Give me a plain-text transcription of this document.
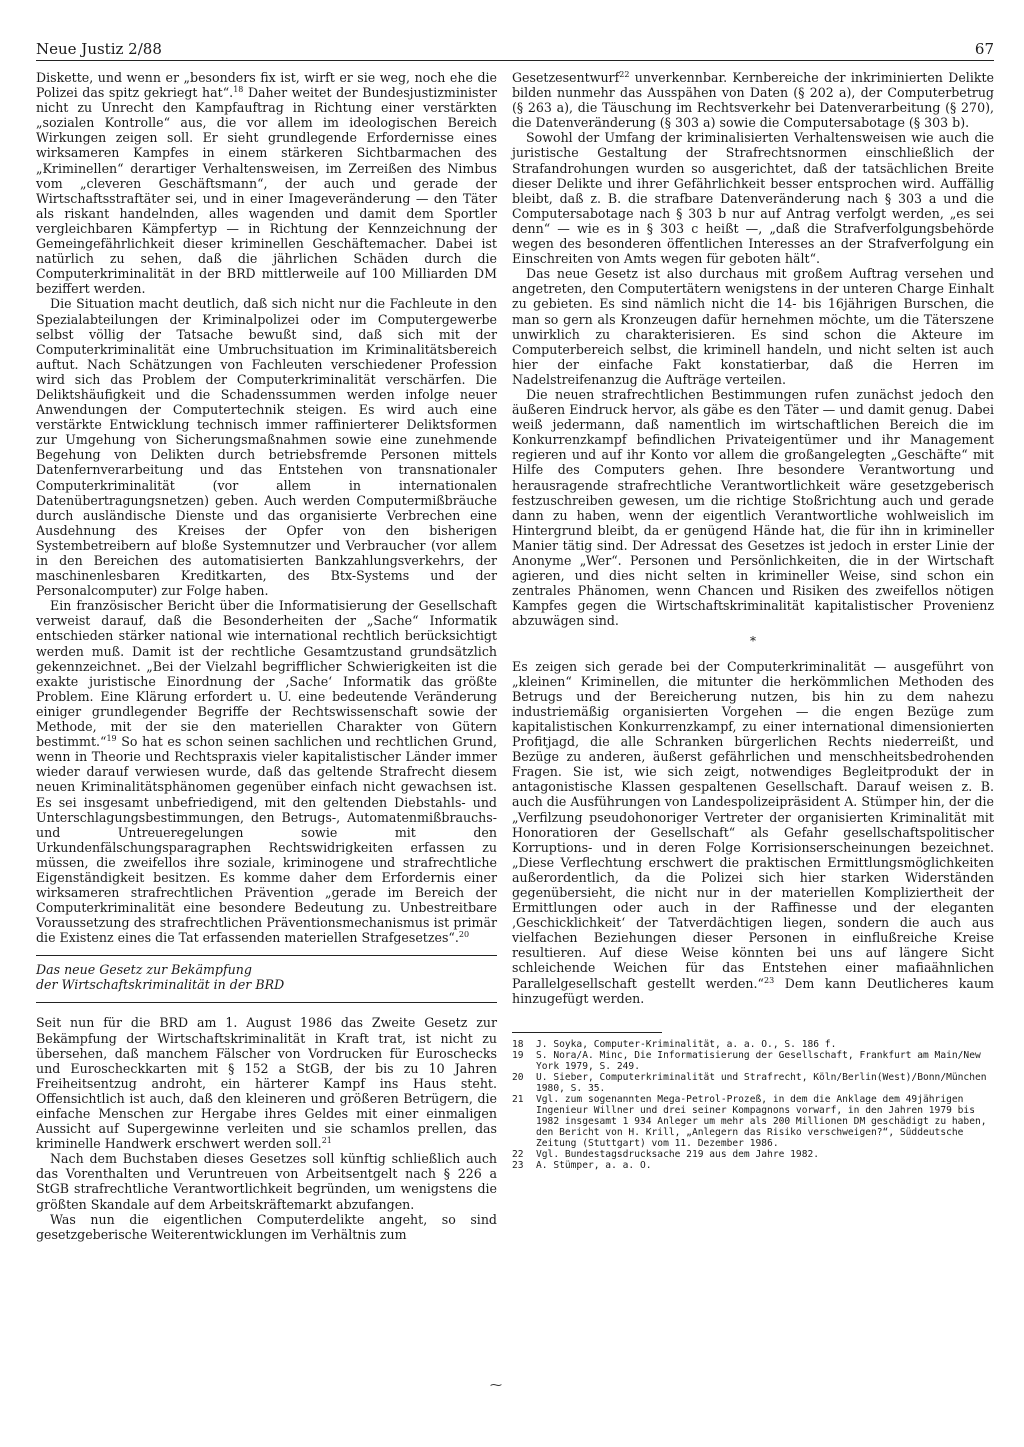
Neue Justiz 2/88	67

Diskette, und wenn er „besonders fix ist, wirft er sie weg, noch ehe die Polizei das spitz gekriegt hat“.$^{18}$ Daher weitet der Bundesjustizminister nicht zu Unrecht den Kampfauftrag in Richtung einer verstärkten „sozialen Kontrolle“ aus, die vor allem im ideologischen Bereich Wirkungen zeigen soll. Er sieht grundlegende Erfordernisse eines wirksameren Kampfes in einem stärkeren Sichtbarmachen des „Kriminellen“ derartiger Verhaltensweisen, im Zerreißen des Nimbus vom „cleveren Geschäftsmann“, der auch und gerade der Wirtschaftsstraftäter sei, und in einer Imageveränderung — den Täter als riskant handelnden, alles wagenden und damit dem Sportler vergleichbaren Kämpfertyp — in Richtung der Kennzeichnung der Gemeingefährlichkeit dieser kriminellen Geschäftemacher. Dabei ist natürlich zu sehen, daß die jährlichen Schäden durch die Computerkriminalität in der BRD mittlerweile auf 100 Milliarden DM beziffert werden.

Die Situation macht deutlich, daß sich nicht nur die Fachleute in den Spezialabteilungen der Kriminalpolizei oder im Computergewerbe selbst völlig der Tatsache bewußt sind, daß sich mit der Computerkriminalität eine Umbruchsituation im Kriminalitätsbereich auftut. Nach Schätzungen von Fachleuten verschiedener Profession wird sich das Problem der Computerkriminalität verschärfen. Die Deliktshäufigkeit und die Schadenssummen werden infolge neuer Anwendungen der Computertechnik steigen. Es wird auch eine verstärkte Entwicklung technisch immer raffinierterer Deliktsformen zur Umgehung von Sicherungsmaßnahmen sowie eine zunehmende Begehung von Delikten durch betriebsfremde Personen mittels Datenfernverarbeitung und das Entstehen von transnationaler Computerkriminalität (vor allem in internationalen Datenübertragungsnetzen) geben. Auch werden Computermißbräuche durch ausländische Dienste und das organisierte Verbrechen eine Ausdehnung des Kreises der Opfer von den bisherigen Systembetreibern auf bloße Systemnutzer und Verbraucher (vor allem in den Bereichen des automatisierten Bankzahlungsverkehrs, der maschinenlesbaren Kreditkarten, des Btx-Systems und der Personalcomputer) zur Folge haben.

Ein französischer Bericht über die Informatisierung der Gesellschaft verweist darauf, daß die Besonderheiten der „Sache“ Informatik entschieden stärker national wie international rechtlich berücksichtigt werden muß. Damit ist der rechtliche Gesamtzustand grundsätzlich gekennzeichnet. „Bei der Vielzahl begrifflicher Schwierigkeiten ist die exakte juristische Einordnung der ‚Sache‘ Informatik das größte Problem. Eine Klärung erfordert u. U. eine bedeutende Veränderung einiger grundlegender Begriffe der Rechtswissenschaft sowie der Methode, mit der sie den materiellen Charakter von Gütern bestimmt.“$^{19}$ So hat es schon seinen sachlichen und rechtlichen Grund, wenn in Theorie und Rechtspraxis vieler kapitalistischer Länder immer wieder darauf verwiesen wurde, daß das geltende Strafrecht diesem neuen Kriminalitätsphänomen gegenüber einfach nicht gewachsen ist. Es sei insgesamt unbefriedigend, mit den geltenden Diebstahls- und Unterschlagungsbestimmungen, den Betrugs-, Automatenmißbrauchs- und Untreueregelungen sowie mit den Urkundenfälschungsparagraphen Rechtswidrigkeiten erfassen zu müssen, die zweifellos ihre soziale, kriminogene und strafrechtliche Eigenständigkeit besitzen. Es komme daher dem Erfordernis einer wirksameren strafrechtlichen Prävention „gerade im Bereich der Computerkriminalität eine besondere Bedeutung zu. Unbestreitbare Voraussetzung des strafrechtlichen Präventionsmechanismus ist primär die Existenz eines die Tat erfassenden materiellen Strafgesetzes“.$^{20}$

Das neue Gesetz zur Bekämpfung
der Wirtschaftskriminalität in der BRD

Seit nun für die BRD am 1. August 1986 das Zweite Gesetz zur Bekämpfung der Wirtschaftskriminalität in Kraft trat, ist nicht zu übersehen, daß manchem Fälscher von Vordrucken für Euroschecks und Euroscheckkarten mit § 152 a StGB, der bis zu 10 Jahren Freiheitsentzug androht, ein härterer Kampf ins Haus steht. Offensichtlich ist auch, daß den kleineren und größeren Betrügern, die einfache Menschen zur Hergabe ihres Geldes mit einer einmaligen Aussicht auf Supergewinne verleiten und sie schamlos prellen, das kriminelle Handwerk erschwert werden soll.$^{21}$

Nach dem Buchstaben dieses Gesetzes soll künftig schließlich auch das Vorenthalten und Veruntreuen von Arbeitsentgelt nach § 226 a StGB strafrechtliche Verantwortlichkeit begründen, um wenigstens die größten Skandale auf dem Arbeitskräftemarkt abzufangen.

Was nun die eigentlichen Computerdelikte angeht, so sind gesetzgeberische Weiterentwicklungen im Verhältnis zum

⁓

Gesetzesentwurf$^{22}$ unverkennbar. Kernbereiche der inkriminierten Delikte bilden nunmehr das Ausspähen von Daten (§ 202 a), der Computerbetrug (§ 263 a), die Täuschung im Rechtsverkehr bei Datenverarbeitung (§ 270), die Datenveränderung (§ 303 a) sowie die Computersabotage (§ 303 b).

Sowohl der Umfang der kriminalisierten Verhaltensweisen wie auch die juristische Gestaltung der Strafrechtsnormen einschließlich der Strafandrohungen wurden so ausgerichtet, daß der tatsächlichen Breite dieser Delikte und ihrer Gefährlichkeit besser entsprochen wird. Auffällig bleibt, daß z. B. die strafbare Datenveränderung nach § 303 a und die Computersabotage nach § 303 b nur auf Antrag verfolgt werden, „es sei denn“ — wie es in § 303 c heißt —, „daß die Strafverfolgungsbehörde wegen des besonderen öffentlichen Interesses an der Strafverfolgung ein Einschreiten von Amts wegen für geboten hält“.

Das neue Gesetz ist also durchaus mit großem Auftrag versehen und angetreten, den Computertätern wenigstens in der unteren Charge Einhalt zu gebieten. Es sind nämlich nicht die 14- bis 16jährigen Burschen, die man so gern als Kronzeugen dafür hernehmen möchte, um die Täterszene unwirklich zu charakterisieren. Es sind schon die Akteure im Computerbereich selbst, die kriminell handeln, und nicht selten ist auch hier der einfache Fakt konstatierbar, daß die Herren im Nadelstreifenanzug die Aufträge verteilen.

Die neuen strafrechtlichen Bestimmungen rufen zunächst jedoch den äußeren Eindruck hervor, als gäbe es den Täter — und damit genug. Dabei weiß jedermann, daß namentlich im wirtschaftlichen Bereich die im Konkurrenzkampf befindlichen Privateigentümer und ihr Management regieren und auf ihr Konto vor allem die großangelegten „Geschäfte“ mit Hilfe des Computers gehen. Ihre besondere Verantwortung und herausragende strafrechtliche Verantwortlichkeit wäre gesetzgeberisch festzuschreiben gewesen, um die richtige Stoßrichtung auch und gerade dann zu haben, wenn der eigentlich Verantwortliche wohlweislich im Hintergrund bleibt, da er genügend Hände hat, die für ihn in krimineller Manier tätig sind. Der Adressat des Gesetzes ist jedoch in erster Linie der Anonyme „Wer“. Personen und Persönlichkeiten, die in der Wirtschaft agieren, und dies nicht selten in krimineller Weise, sind schon ein zentrales Phänomen, wenn Chancen und Risiken des zweifellos nötigen Kampfes gegen die Wirtschaftskriminalität kapitalistischer Provenienz abzuwägen sind.

*

Es zeigen sich gerade bei der Computerkriminalität — ausgeführt von „kleinen“ Kriminellen, die mitunter die herkömmlichen Methoden des Betrugs und der Bereicherung nutzen, bis hin zu dem nahezu industriemäßig organisierten Vorgehen — die engen Bezüge zum kapitalistischen Konkurrenzkampf, zu einer international dimensionierten Profitjagd, die alle Schranken bürgerlichen Rechts niederreißt, und Bezüge zu anderen, äußerst gefährlichen und menschheitsbedrohenden Fragen. Sie ist, wie sich zeigt, notwendiges Begleitprodukt der in antagonistische Klassen gespaltenen Gesellschaft. Darauf weisen z. B. auch die Ausführungen von Landespolizeipräsident A. Stümper hin, der die „Verfilzung pseudohonoriger Vertreter der organisierten Kriminalität mit Honoratioren der Gesellschaft“ als Gefahr gesellschaftspolitischer Korruptions- und in deren Folge Korrisionserscheinungen bezeichnet. „Diese Verflechtung erschwert die praktischen Ermittlungsmöglichkeiten außerordentlich, da die Polizei sich hier starken Widerständen gegenübersieht, die nicht nur in der materiellen Kompliziertheit der Ermittlungen oder auch in der Raffinesse und der eleganten ‚Geschicklichkeit‘ der Tatverdächtigen liegen, sondern die auch aus vielfachen Beziehungen dieser Personen in einflußreiche Kreise resultieren. Auf diese Weise könnten bei uns auf längere Sicht schleichende Weichen für das Entstehen einer mafiaähnlichen Parallelgesellschaft gestellt werden.“$^{23}$ Dem kann Deutlicheres kaum hinzugefügt werden.

18	J. Soyka, Computer-Kriminalität, a. a. O., S. 186 f.
19	S. Nora/A. Minc, Die Informatisierung der Gesellschaft, Frankfurt am Main/New York 1979, S. 249.
20	U. Sieber, Computerkriminalität und Strafrecht, Köln/Berlin(West)/Bonn/München 1980, S. 35.
21	Vgl. zum sogenannten Mega-Petrol-Prozeß, in dem die Anklage dem 49jährigen Ingenieur Willner und drei seiner Kompagnons vorwarf, in den Jahren 1979 bis 1982 insgesamt 1 934 Anleger um mehr als 200 Millionen DM geschädigt zu haben, den Bericht von H. Krill, „Anlegern das Risiko verschweigen?“, Süddeutsche Zeitung (Stuttgart) vom 11. Dezember 1986.
22	Vgl. Bundestagsdrucksache 219 aus dem Jahre 1982.
23	A. Stümper, a. a. O.
